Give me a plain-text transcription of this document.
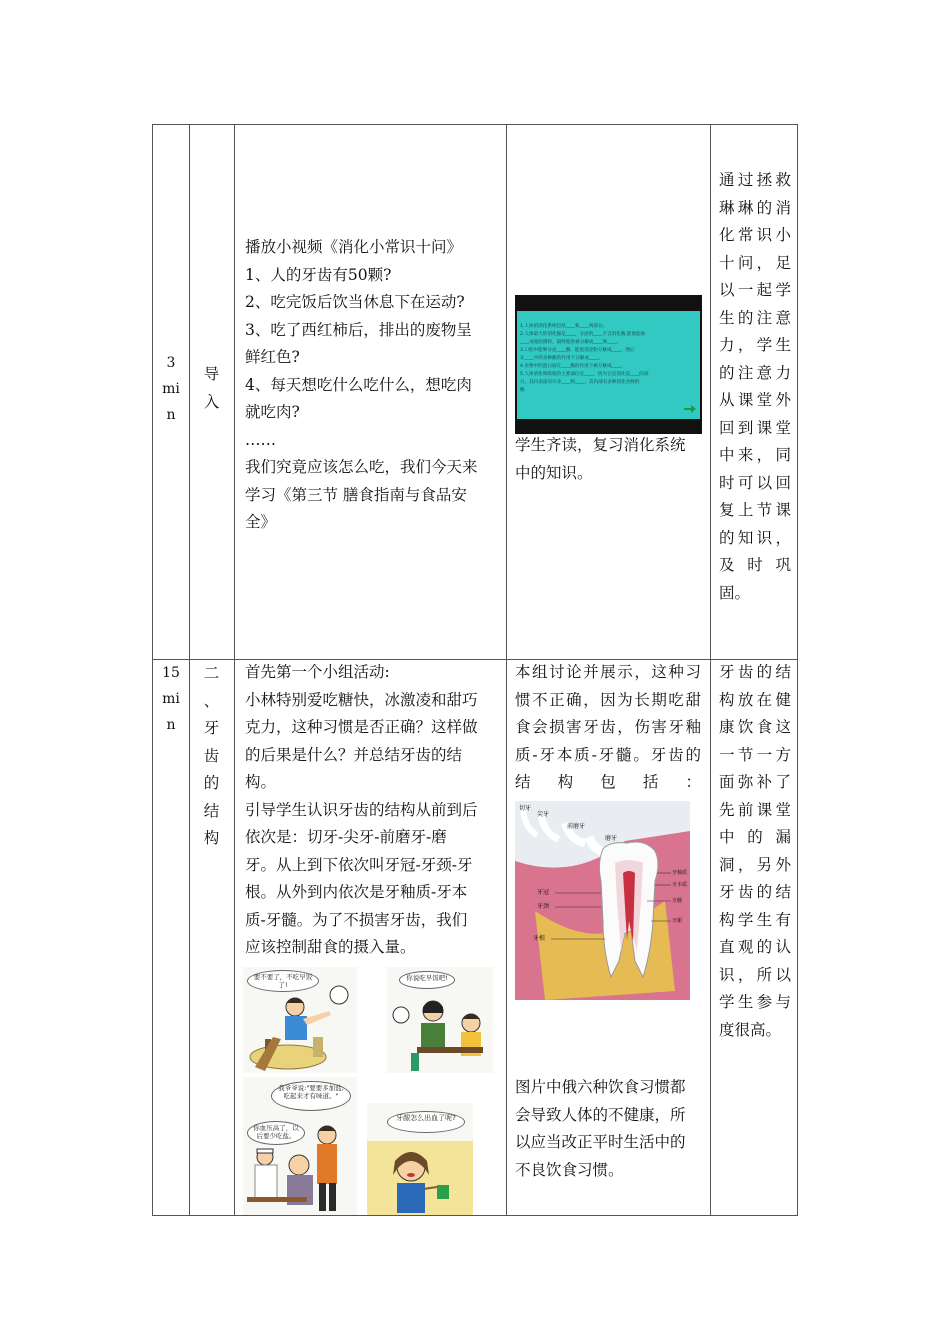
3
mi
n
导
入
播放小视频《消化小常识十问》
1、人的牙齿有50颗?
2、吃完饭后饮当休息下在运动?
3、吃了西红柿后，排出的废物呈
鲜红色?
4、每天想吃什么吃什么，想吃肉
就吃肉?
……
我们究竟应该怎么吃，我们今天来
学习《第三节 膳食指南与食品安
全》
1.人体的消化系统包括____和____两部分。
2.人体最大的消化腺是____，分泌的____不含消化酶,能使脂肪
____成脂肪微粒，最终脂肪被分解成____和____。
3.口腔中能够分泌____酶，能促进淀粉分解成____，然后
在____中的多种酶的作用下分解成____。
4.食物中的蛋白质在____酶的作用下被分解成____。
5.人体消化和吸收的主要部位是____，因为它是消化道____的部
分，其内表面有许多____和____，其内部有多种消化食物的
酶
学生齐读，复习消化系统
中的知识。
通过拯救
琳琳的消
化常识小
十问，足
以一起学
生的注意
力，学生
的注意力
从课堂外
回到课堂
中来，同
时可以回
复上节课
的知识，
及 时 巩
固。
15
mi
n
二
、
牙
齿
的
结
构
首先第一个小组活动:
小林特别爱吃糖快，冰激凌和甜巧
克力，这种习惯是否正确？这样做
的后果是什么？并总结牙齿的结
构。
引导学生认识牙齿的结构从前到后
依次是：切牙-尖牙-前磨牙-磨
牙。从上到下依次叫牙冠-牙颈-牙
根。从外到内依次是牙釉质-牙本
质-牙髓。为了不损害牙齿，我们
应该控制甜食的摄入量。
要不要了，不吃早饭了!
你说吃早饭吧!
我爷爷说:"要要多加盐,吃起来才有味道。"
你血压高了，以后要少吃盐。
牙龈怎么出血了呢?
本组讨论并展示，这种习
惯不正确，因为长期吃甜
食会损害牙齿，伤害牙釉
质-牙本质-牙髓。牙齿的
结 构 包 括 ：
切牙
尖牙
前磨牙
磨牙
牙冠
牙颈
牙根
牙釉质
牙本质
牙髓
牙龈
图片中俄六种饮食习惯都
会导致人体的不健康，所
以应当改正平时生活中的
不良饮食习惯。
牙齿的结
构放在健
康饮食这
一节一方
面弥补了
先前课堂
中 的 漏
洞，另外
牙齿的结
构学生有
直观的认
识，所以
学生参与
度很高。
